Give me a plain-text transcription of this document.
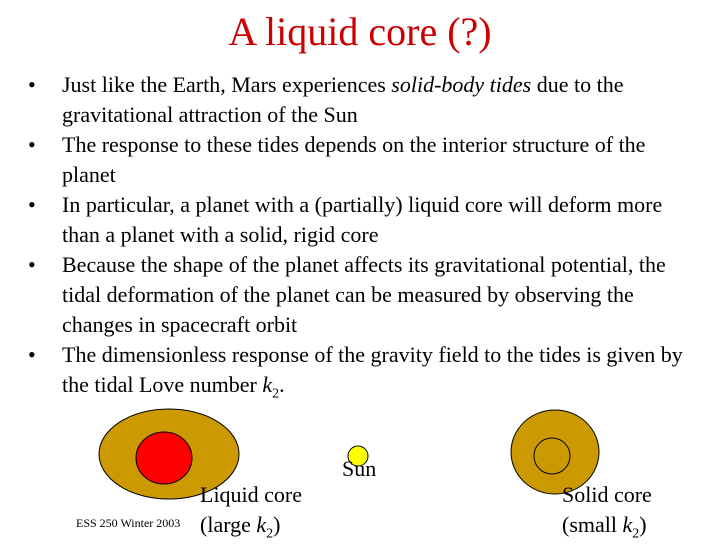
A liquid core (?)
• Just like the Earth, Mars experiences solid-body tides due to the gravitational attraction of the Sun
• The response to these tides depends on the interior structure of the planet
• In particular, a planet with a (partially) liquid core will deform more than a planet with a solid, rigid core
• Because the shape of the planet affects its gravitational potential, the tidal deformation of the planet can be measured by observing the changes in spacecraft orbit
• The dimensionless response of the gravity field to the tides is given by the tidal Love number $k_2$.
Liquid core
(large $k_2$)
ESS 250 Winter 2003
Sun
Solid core
(small $k_2$)
